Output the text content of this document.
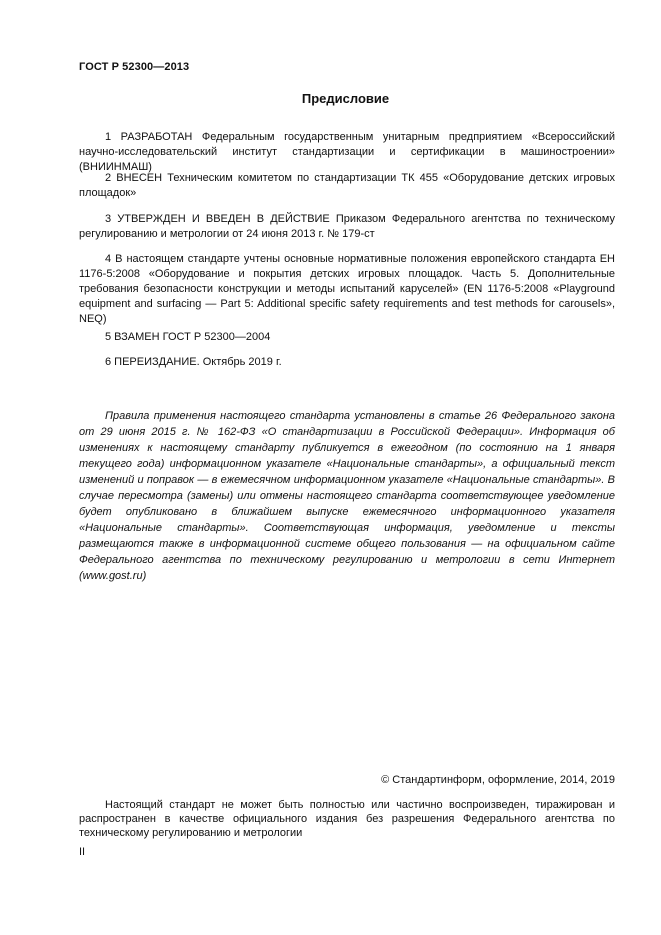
ГОСТ Р 52300—2013
Предисловие

1 РАЗРАБОТАН Федеральным государственным унитарным предприятием «Всероссийский научно-исследовательский институт стандартизации и сертификации в машиностроении» (ВНИИНМАШ)

2 ВНЕСЕН Техническим комитетом по стандартизации ТК 455 «Оборудование детских игровых площадок»

3 УТВЕРЖДЕН И ВВЕДЕН В ДЕЙСТВИЕ Приказом Федерального агентства по техническому регулированию и метрологии от 24 июня 2013 г. № 179-ст

4 В настоящем стандарте учтены основные нормативные положения европейского стандарта ЕН 1176-5:2008 «Оборудование и покрытия детских игровых площадок. Часть 5. Дополнительные требования безопасности конструкции и методы испытаний каруселей» (EN 1176-5:2008 «Playground equipment and surfacing — Part 5: Additional specific safety requirements and test methods for carousels», NEQ)

5 ВЗАМЕН ГОСТ Р 52300—2004

6 ПЕРЕИЗДАНИЕ. Октябрь 2019 г.

Правила применения настоящего стандарта установлены в статье 26 Федерального закона от 29 июня 2015 г. № 162-ФЗ «О стандартизации в Российской Федерации». Информация об изменениях к настоящему стандарту публикуется в ежегодном (по состоянию на 1 января текущего года) информационном указателе «Национальные стандарты», а официальный текст изменений и поправок — в ежемесячном информационном указателе «Национальные стандарты». В случае пересмотра (замены) или отмены настоящего стандарта соответствующее уведомление будет опубликовано в ближайшем выпуске ежемесячного информационного указателя «Национальные стандарты». Соответствующая информация, уведомление и тексты размещаются также в информационной системе общего пользования — на официальном сайте Федерального агентства по техническому регулированию и метрологии в сети Интернет (www.gost.ru)

© Стандартинформ, оформление, 2014, 2019

Настоящий стандарт не может быть полностью или частично воспроизведен, тиражирован и распространен в качестве официального издания без разрешения Федерального агентства по техническому регулированию и метрологии

II
